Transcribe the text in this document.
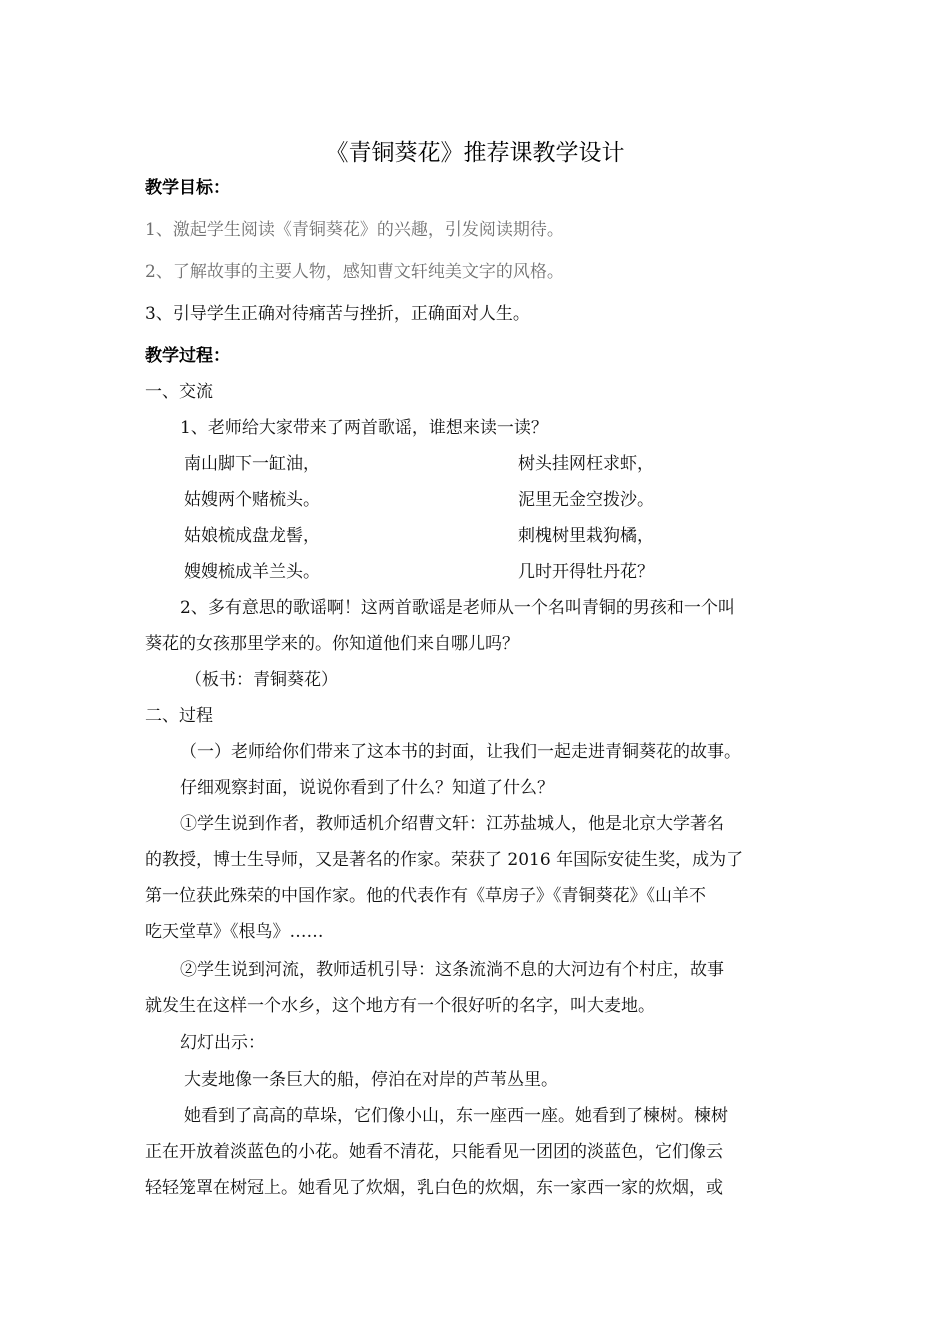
《青铜葵花》推荐课教学设计
教学目标：
1、激起学生阅读《青铜葵花》的兴趣，引发阅读期待。
2、了解故事的主要人物，感知曹文轩纯美文字的风格。
3、引导学生正确对待痛苦与挫折，正确面对人生。
教学过程：
一、交流
1、老师给大家带来了两首歌谣，谁想来读一读？
南山脚下一缸油，
姑嫂两个赌梳头。
姑娘梳成盘龙髻，
嫂嫂梳成羊兰头。
树头挂网枉求虾，
泥里无金空拨沙。
刺槐树里栽狗橘，
几时开得牡丹花？
2、多有意思的歌谣啊！这两首歌谣是老师从一个名叫青铜的男孩和一个叫
葵花的女孩那里学来的。你知道他们来自哪儿吗？
（板书：青铜葵花）
二、过程
（一）老师给你们带来了这本书的封面，让我们一起走进青铜葵花的故事。
仔细观察封面，说说你看到了什么？知道了什么？
①学生说到作者，教师适机介绍曹文轩：江苏盐城人，他是北京大学著名
的教授，博士生导师，又是著名的作家。荣获了 2016 年国际安徒生奖，成为了
第一位获此殊荣的中国作家。他的代表作有《草房子》《青铜葵花》《山羊不
吃天堂草》《根鸟》……
②学生说到河流，教师适机引导：这条流淌不息的大河边有个村庄，故事
就发生在这样一个水乡，这个地方有一个很好听的名字，叫大麦地。
幻灯出示：
大麦地像一条巨大的船，停泊在对岸的芦苇丛里。
她看到了高高的草垛，它们像小山，东一座西一座。她看到了楝树。楝树
正在开放着淡蓝色的小花。她看不清花，只能看见一团团的淡蓝色，它们像云
轻轻笼罩在树冠上。她看见了炊烟，乳白色的炊烟，东一家西一家的炊烟，或
